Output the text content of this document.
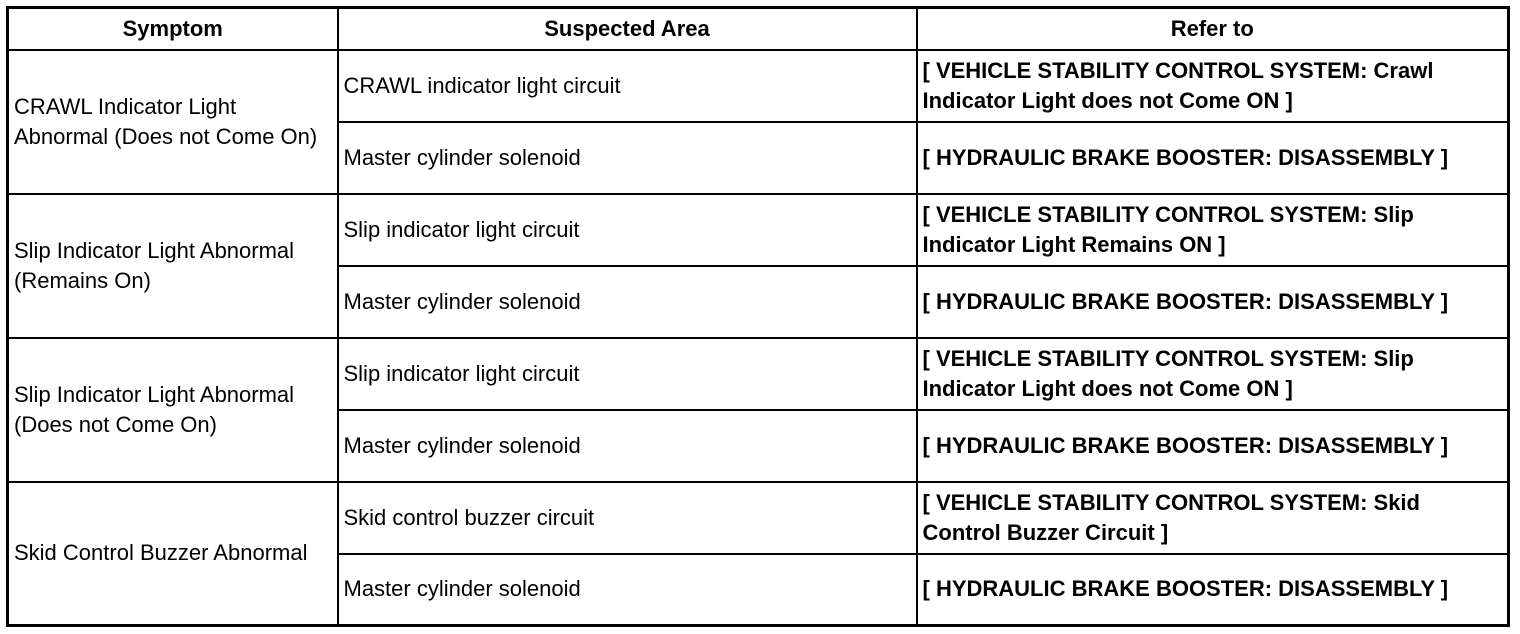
Symptom	Suspected Area	Refer to
CRAWL Indicator Light Abnormal (Does not Come On)	CRAWL indicator light circuit	[ VEHICLE STABILITY CONTROL SYSTEM: Crawl Indicator Light does not Come ON ]
	Master cylinder solenoid	[ HYDRAULIC BRAKE BOOSTER: DISASSEMBLY ]
Slip Indicator Light Abnormal (Remains On)	Slip indicator light circuit	[ VEHICLE STABILITY CONTROL SYSTEM: Slip Indicator Light Remains ON ]
	Master cylinder solenoid	[ HYDRAULIC BRAKE BOOSTER: DISASSEMBLY ]
Slip Indicator Light Abnormal (Does not Come On)	Slip indicator light circuit	[ VEHICLE STABILITY CONTROL SYSTEM: Slip Indicator Light does not Come ON ]
	Master cylinder solenoid	[ HYDRAULIC BRAKE BOOSTER: DISASSEMBLY ]
Skid Control Buzzer Abnormal	Skid control buzzer circuit	[ VEHICLE STABILITY CONTROL SYSTEM: Skid Control Buzzer Circuit ]
	Master cylinder solenoid	[ HYDRAULIC BRAKE BOOSTER: DISASSEMBLY ]
